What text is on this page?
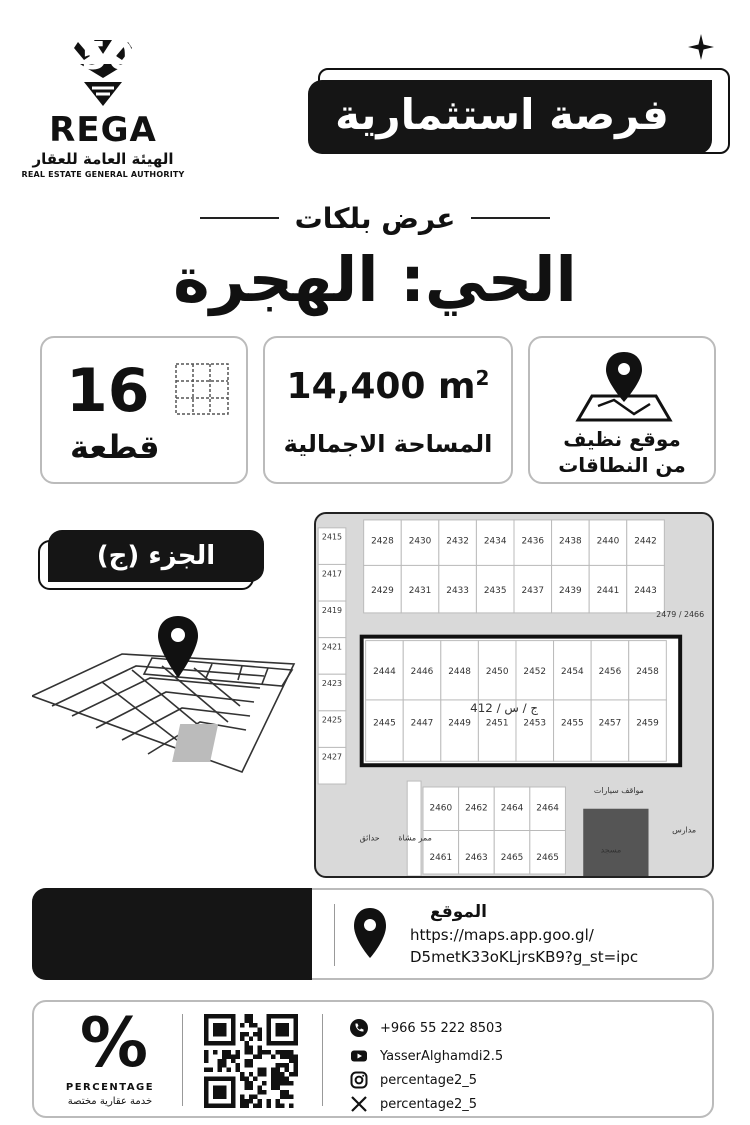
REGA
الهيئة العامة للعقار
REAL ESTATE GENERAL AUTHORITY
فرصة استثمارية
عرض بلكات
الحي: الهجرة
16
قطعة
14,400 $m^2$
المساحة الاجمالية	موقع نظيف
من النطاقات
الجزء (ج)	2428 2430 2432 2434 2436 2438 2440 2442
2429 2431 2433 2435 2437 2439 2441 2443
2415
2417
2419
2421
2423
2425
2427
2479 / 2466
2444 2446 2448 2450 2452 2454 2456 2458
2445 2447 2449 2451 2453 2455 2457 2459
ج / س / 412
2460 2462 2464 2464
2461 2463 2465 2465
مسجد
مواقف سيارات
مدارس
حدائق ممر مشاة
السعر
6,500,000
الموقع
https://maps.app.goo.gl/
D5metK33oKLjrsKB9?g_st=ipc
%
PERCENTAGE
خدمة عقارية مختصة
+966 55 222 8503
YasserAlghamdi2.5
percentage2_5
percentage2_5
